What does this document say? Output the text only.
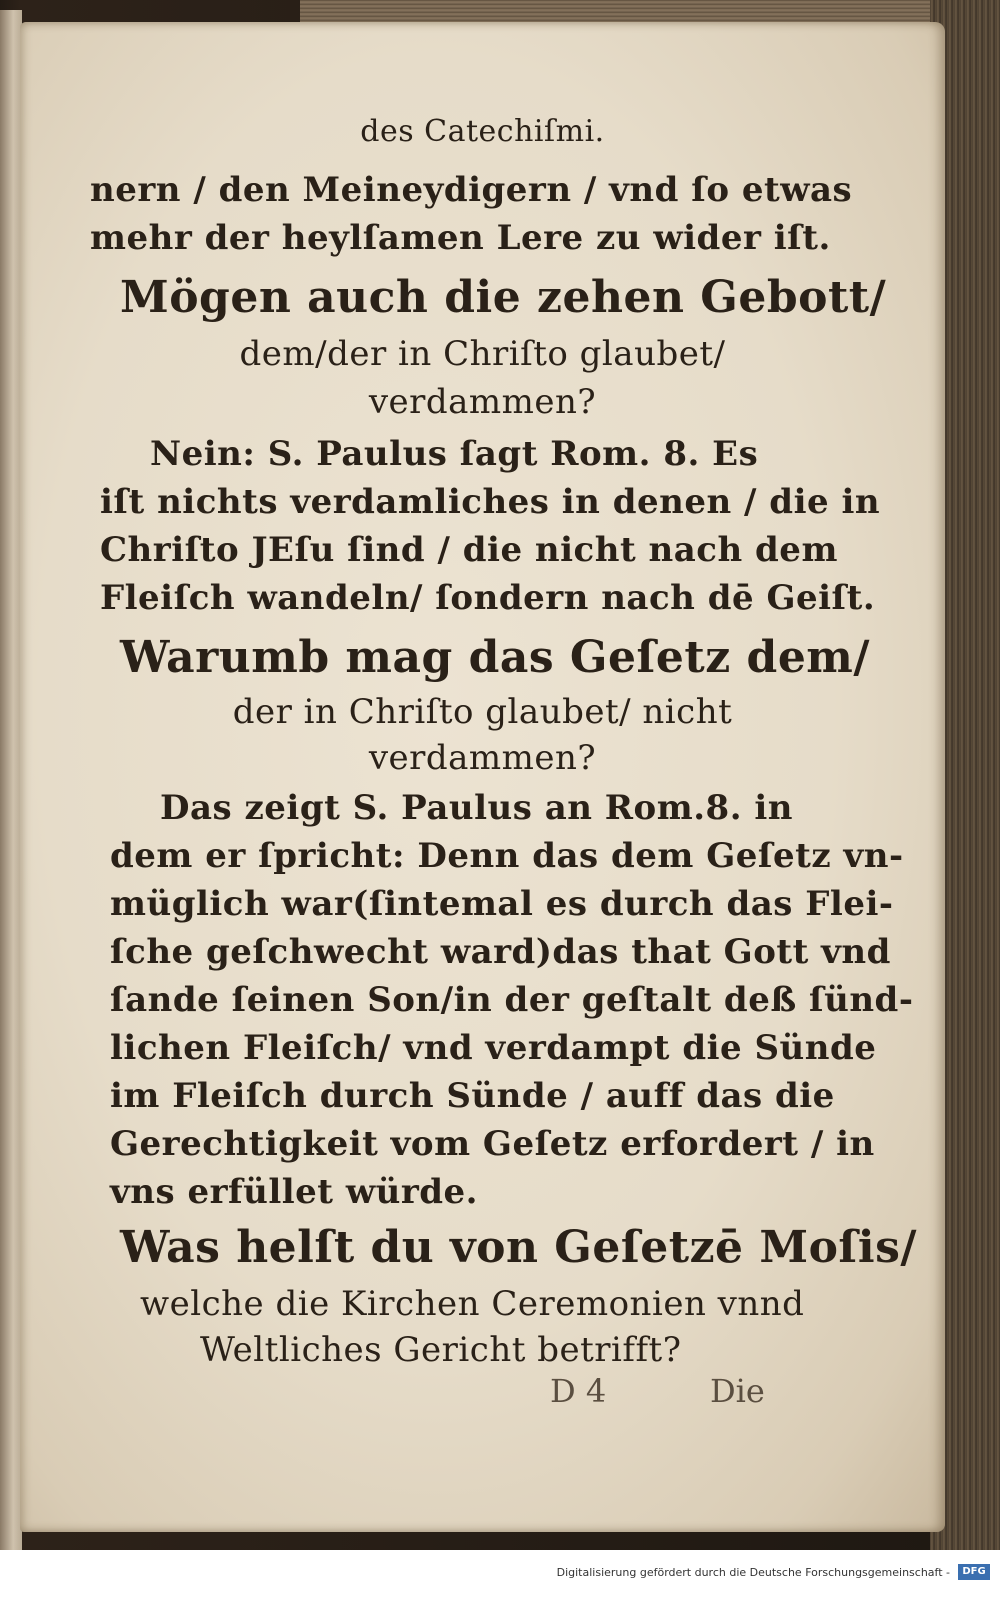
des Catechiſmi.
nern / den Meineydigern / vnd ſo etwas
mehr der heylſamen Lere zu wider iſt.
Mögen auch die zehen Gebott/
dem/der in Chriſto glaubet/
verdammen?
Nein: S. Paulus ſagt Rom. 8. Es
iſt nichts verdamliches in denen / die in
Chriſto JEſu ſind / die nicht nach dem
Fleiſch wandeln/ ſondern nach dē Geiſt.
Warumb mag das Geſetz dem/
der in Chriſto glaubet/ nicht
verdammen?
Das zeigt S. Paulus an Rom.8. in
dem er ſpricht: Denn das dem Geſetz vn-
müglich war(ſintemal es durch das Flei-
ſche geſchwecht ward)das that Gott vnd
ſande ſeinen Son/in der geſtalt deß ſünd-
lichen Fleiſch/ vnd verdampt die Sünde
im Fleiſch durch Sünde / auff das die
Gerechtigkeit vom Geſetz erfordert / in
vns erfüllet würde.
Was helſt du von Geſetzē Moſis/
welche die Kirchen Ceremonien vnnd
Weltliches Gericht betrifft?
D 4	Die
Digitalisierung gefördert durch die Deutsche Forschungsgemeinschaft -	DFG
